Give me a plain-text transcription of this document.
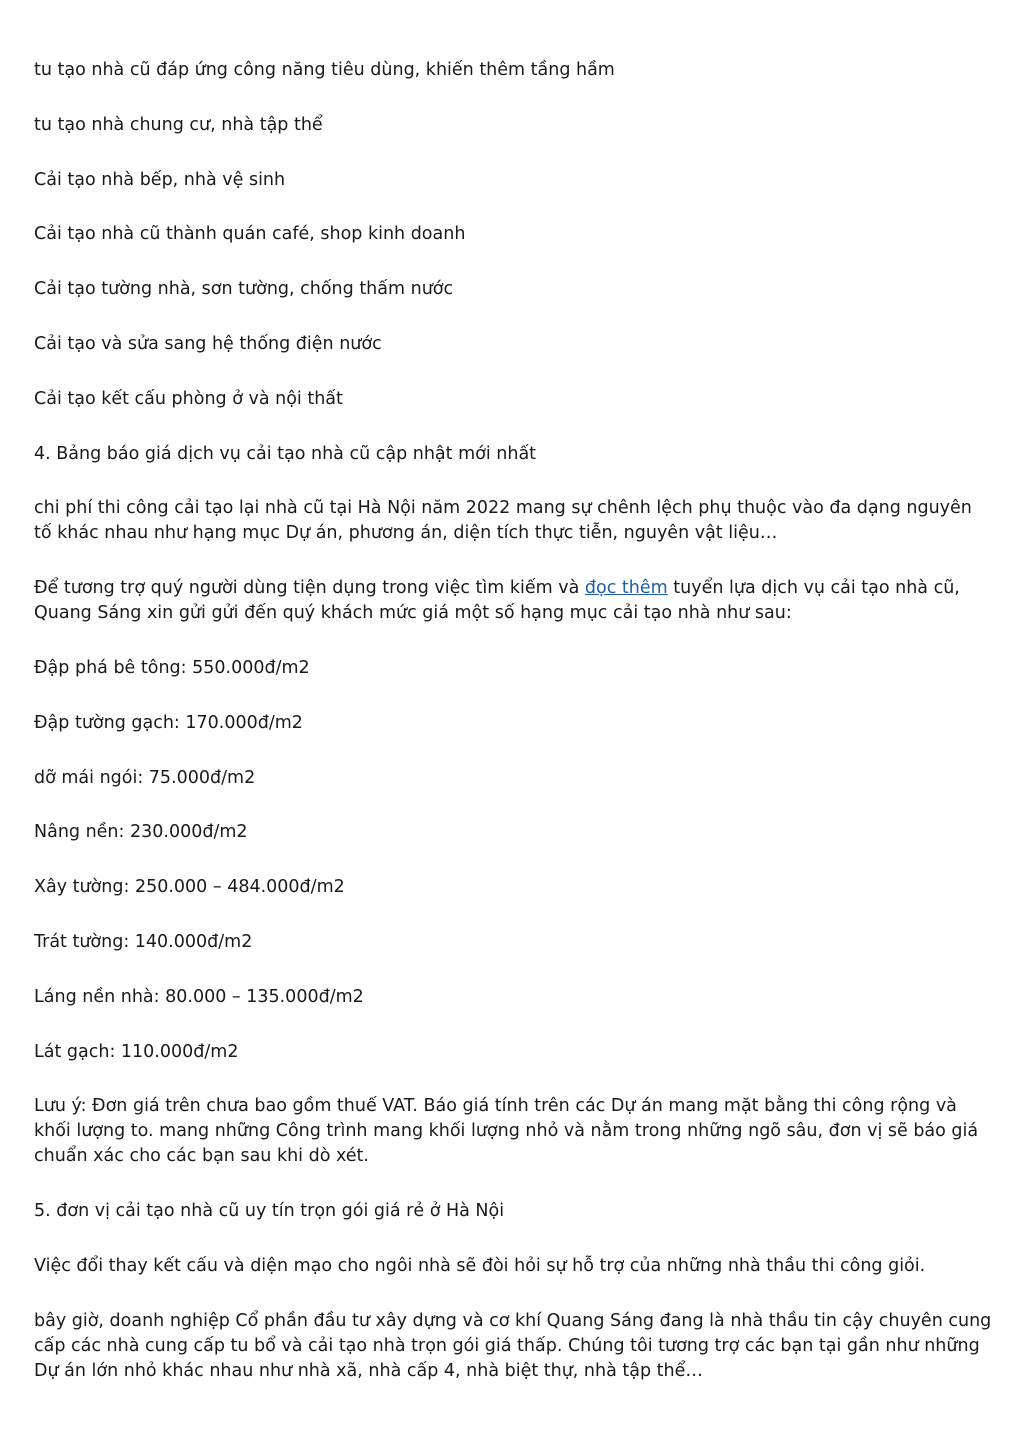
tu tạo nhà cũ đáp ứng công năng tiêu dùng, khiến thêm tầng hầm

tu tạo nhà chung cư, nhà tập thể

Cải tạo nhà bếp, nhà vệ sinh

Cải tạo nhà cũ thành quán café, shop kinh doanh

Cải tạo tường nhà, sơn tường, chống thấm nước

Cải tạo và sửa sang hệ thống điện nước

Cải tạo kết cấu phòng ở và nội thất

4. Bảng báo giá dịch vụ cải tạo nhà cũ cập nhật mới nhất

chi phí thi công cải tạo lại nhà cũ tại Hà Nội năm 2022 mang sự chênh lệch phụ thuộc vào đa dạng nguyên tố khác nhau như hạng mục Dự án, phương án, diện tích thực tiễn, nguyên vật liệu…

Để tương trợ quý người dùng tiện dụng trong việc tìm kiếm và đọc thêm tuyển lựa dịch vụ cải tạo nhà cũ, Quang Sáng xin gửi gửi đến quý khách mức giá một số hạng mục cải tạo nhà như sau:

Đập phá bê tông: 550.000đ/m2

Đập tường gạch: 170.000đ/m2

dỡ mái ngói: 75.000đ/m2

Nâng nền: 230.000đ/m2

Xây tường: 250.000 – 484.000đ/m2

Trát tường: 140.000đ/m2

Láng nền nhà: 80.000 – 135.000đ/m2

Lát gạch: 110.000đ/m2

Lưu ý: Đơn giá trên chưa bao gồm thuế VAT. Báo giá tính trên các Dự án mang mặt bằng thi công rộng và khối lượng to. mang những Công trình mang khối lượng nhỏ và nằm trong những ngõ sâu, đơn vị sẽ báo giá chuẩn xác cho các bạn sau khi dò xét.

5. đơn vị cải tạo nhà cũ uy tín trọn gói giá rẻ ở Hà Nội

Việc đổi thay kết cấu và diện mạo cho ngôi nhà sẽ đòi hỏi sự hỗ trợ của những nhà thầu thi công giỏi.

bây giờ, doanh nghiệp Cổ phần đầu tư xây dựng và cơ khí Quang Sáng đang là nhà thầu tin cậy chuyên cung cấp các nhà cung cấp tu bổ và cải tạo nhà trọn gói giá thấp. Chúng tôi tương trợ các bạn tại gần như những Dự án lớn nhỏ khác nhau như nhà xã, nhà cấp 4, nhà biệt thự, nhà tập thể…
